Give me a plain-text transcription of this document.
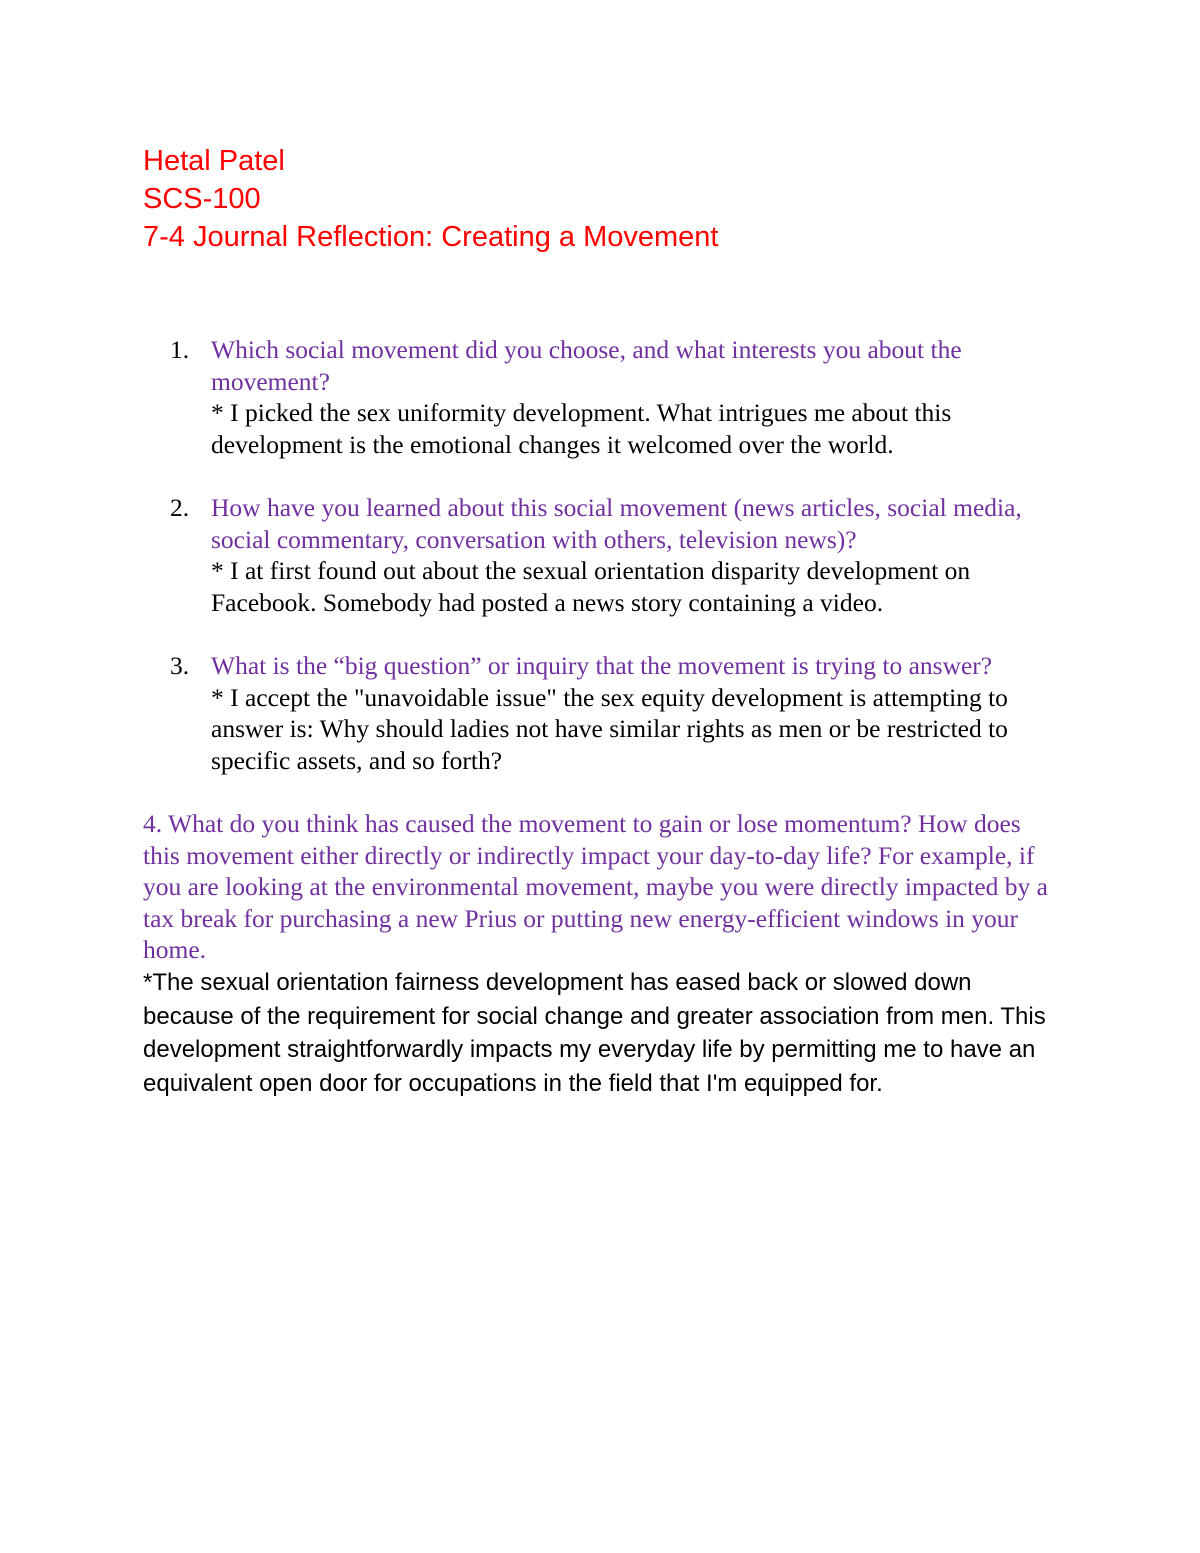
Hetal Patel
SCS-100
7-4 Journal Reflection: Creating a Movement
1. Which social movement did you choose, and what interests you about the movement?
* I picked the sex uniformity development. What intrigues me about this development is the emotional changes it welcomed over the world.
2. How have you learned about this social movement (news articles, social media, social commentary, conversation with others, television news)?
* I at first found out about the sexual orientation disparity development on Facebook. Somebody had posted a news story containing a video.
3. What is the “big question” or inquiry that the movement is trying to answer?
* I accept the "unavoidable issue" the sex equity development is attempting to answer is: Why should ladies not have similar rights as men or be restricted to specific assets, and so forth?
4. What do you think has caused the movement to gain or lose momentum? How does this movement either directly or indirectly impact your day-to-day life? For example, if you are looking at the environmental movement, maybe you were directly impacted by a tax break for purchasing a new Prius or putting new energy-efficient windows in your home.
*The sexual orientation fairness development has eased back or slowed down because of the requirement for social change and greater association from men. This development straightforwardly impacts my everyday life by permitting me to have an equivalent open door for occupations in the field that I'm equipped for.
